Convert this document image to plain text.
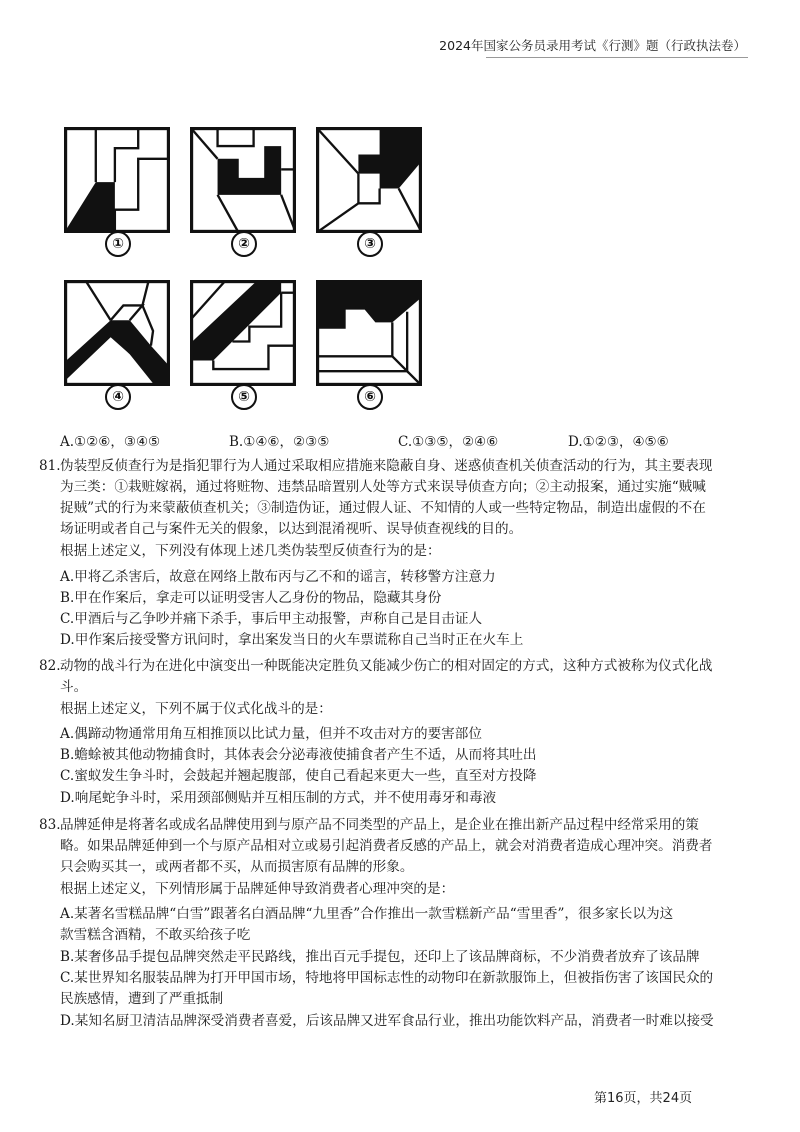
2024年国家公务员录用考试《行测》题（行政执法卷）
①	②	③
④	⑤	⑥
A.①②⑥，③④⑤	B.①④⑥，②③⑤	C.①③⑤，②④⑥	D.①②③，④⑤⑥
81. 伪装型反侦查行为是指犯罪行为人通过采取相应措施来隐蔽自身、迷惑侦查机关侦查活动的行为，其主要表现
为三类：①栽赃嫁祸，通过将赃物、违禁品暗置别人处等方式来误导侦查方向；②主动报案，通过实施“贼喊
捉贼”式的行为来蒙蔽侦查机关；③制造伪证，通过假人证、不知情的人或一些特定物品，制造出虚假的不在
场证明或者自己与案件无关的假象，以达到混淆视听、误导侦查视线的目的。
根据上述定义，下列没有体现上述几类伪装型反侦查行为的是：
A.甲将乙杀害后，故意在网络上散布丙与乙不和的谣言，转移警方注意力
B.甲在作案后，拿走可以证明受害人乙身份的物品，隐藏其身份
C.甲酒后与乙争吵并痛下杀手，事后甲主动报警，声称自己是目击证人
D.甲作案后接受警方讯问时，拿出案发当日的火车票谎称自己当时正在火车上
82. 动物的战斗行为在进化中演变出一种既能决定胜负又能减少伤亡的相对固定的方式，这种方式被称为仪式化战
斗。
根据上述定义，下列不属于仪式化战斗的是：
A.偶蹄动物通常用角互相推顶以比试力量，但并不攻击对方的要害部位
B.蟾蜍被其他动物捕食时，其体表会分泌毒液使捕食者产生不适，从而将其吐出
C.蜜蚁发生争斗时，会鼓起并翘起腹部，使自己看起来更大一些，直至对方投降
D.响尾蛇争斗时，采用颈部侧贴并互相压制的方式，并不使用毒牙和毒液
83. 品牌延伸是将著名或成名品牌使用到与原产品不同类型的产品上，是企业在推出新产品过程中经常采用的策
略。如果品牌延伸到一个与原产品相对立或易引起消费者反感的产品上，就会对消费者造成心理冲突。消费者
只会购买其一，或两者都不买，从而损害原有品牌的形象。
根据上述定义，下列情形属于品牌延伸导致消费者心理冲突的是：
A.某著名雪糕品牌“白雪”跟著名白酒品牌“九里香”合作推出一款雪糕新产品“雪里香”，很多家长以为这
款雪糕含酒精，不敢买给孩子吃
B.某奢侈品手提包品牌突然走平民路线，推出百元手提包，还印上了该品牌商标，不少消费者放弃了该品牌
C.某世界知名服装品牌为打开甲国市场，特地将甲国标志性的动物印在新款服饰上，但被指伤害了该国民众的
民族感情，遭到了严重抵制
D.某知名厨卫清洁品牌深受消费者喜爱，后该品牌又进军食品行业，推出功能饮料产品，消费者一时难以接受
第16页，共24页
